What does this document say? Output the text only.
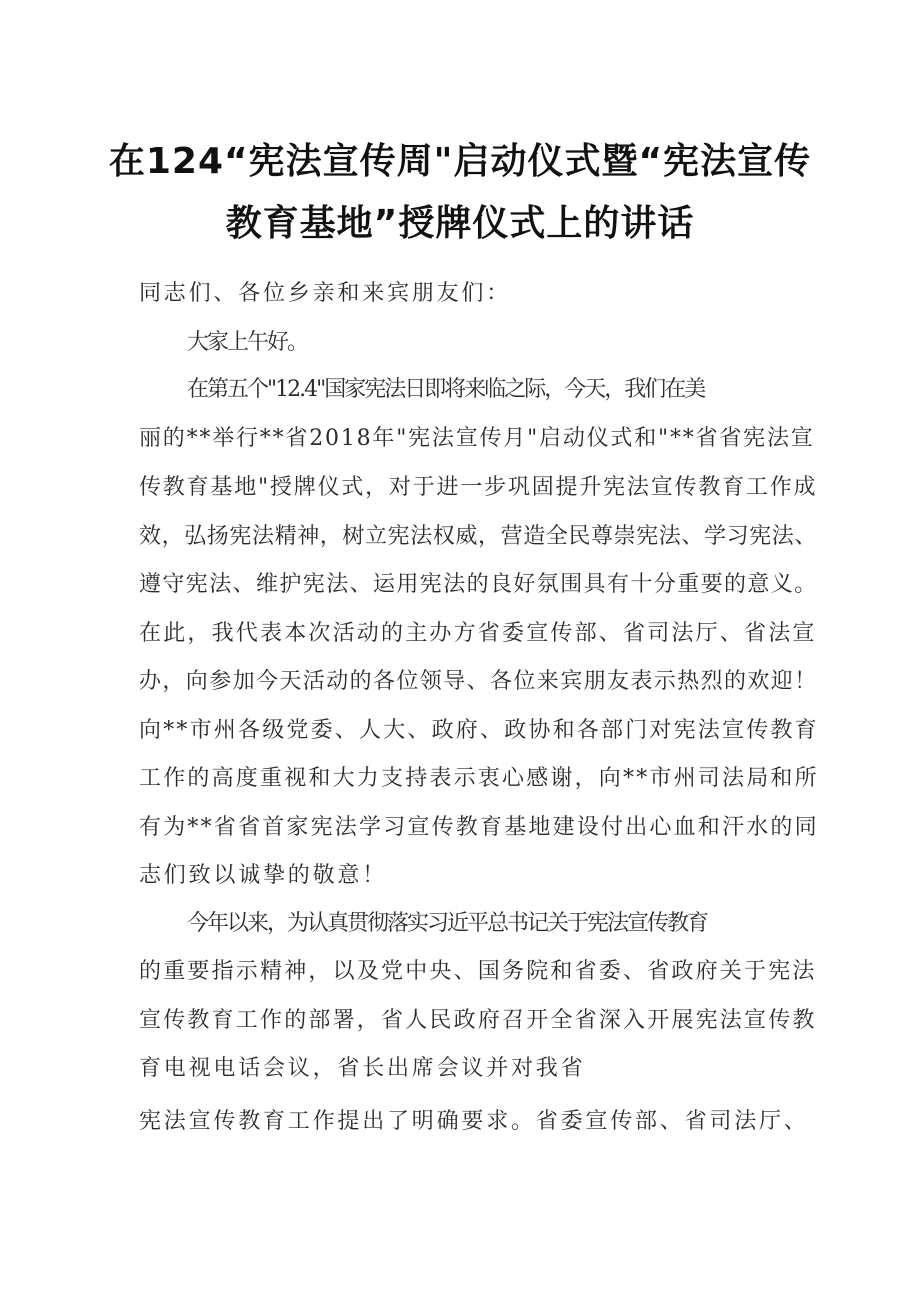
在124“宪法宣传周"启动仪式暨“宪法宣传
教育基地”授牌仪式上的讲话
同志们、各位乡亲和来宾朋友们：
大家上午好。
在第五个"12.4"国家宪法日即将来临之际，今天，我们在美
丽的**举行**省2018年"宪法宣传月"启动仪式和"**省省宪法宣
传教育基地"授牌仪式，对于进一步巩固提升宪法宣传教育工作成
效，弘扬宪法精神，树立宪法权威，营造全民尊崇宪法、学习宪法、
遵守宪法、维护宪法、运用宪法的良好氛围具有十分重要的意义。
在此，我代表本次活动的主办方省委宣传部、省司法厅、省法宣
办，向参加今天活动的各位领导、各位来宾朋友表示热烈的欢迎！
向**市州各级党委、人大、政府、政协和各部门对宪法宣传教育
工作的高度重视和大力支持表示衷心感谢，向**市州司法局和所
有为**省省首家宪法学习宣传教育基地建设付出心血和汗水的同
志们致以诚挚的敬意！
今年以来，为认真贯彻落实习近平总书记关于宪法宣传教育
的重要指示精神，以及党中央、国务院和省委、省政府关于宪法
宣传教育工作的部署，省人民政府召开全省深入开展宪法宣传教
育电视电话会议，省长出席会议并对我省
宪法宣传教育工作提出了明确要求。省委宣传部、省司法厅、
